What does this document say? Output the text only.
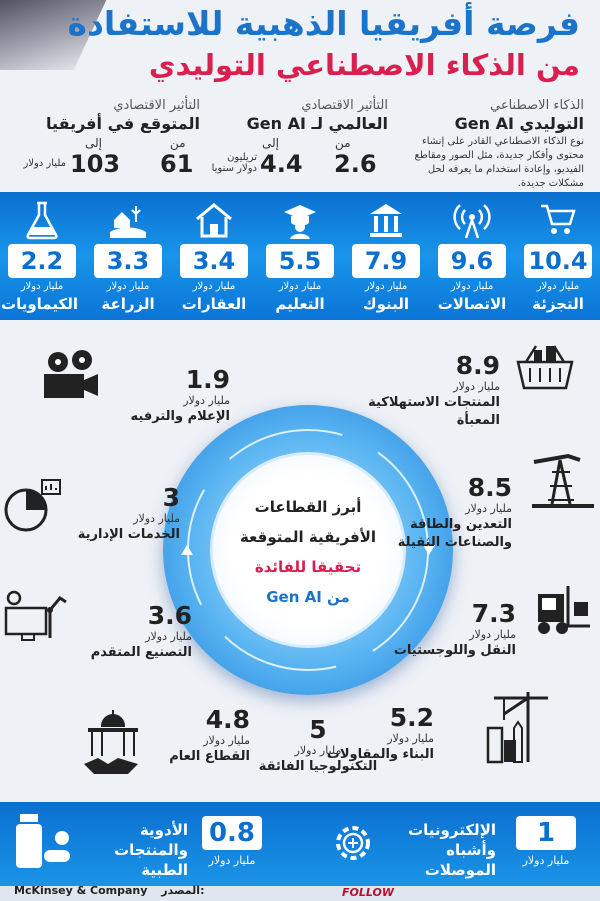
فرصة أفريقيا الذهبية للاستفادة
من الذكاء الاصطناعي التوليدي
الذكاء الاصطناعي
التوليدي Gen AI
نوع الذكاء الاصطناعي القادر على إنشاء محتوى وأفكار جديدة، مثل الصور ومقاطع الفيديو، وإعادة استخدام ما يعرفه لحل مشكلات جديدة.
التأثير الاقتصادي
العالمي لـ Gen AI
من
إلى
2.6
4.4
تريليون دولار سنويا
التأثير الاقتصادي
المتوقع في أفريقيا
من
إلى
61
103
مليار دولار
10.4
مليار دولار
التجزئة
9.6
مليار دولار
الاتصالات
7.9
مليار دولار
البنوك
5.5
مليار دولار
التعليم
3.4
مليار دولار
العقارات
3.3
مليار دولار
الزراعة
2.2
مليار دولار
الكيماويات
أبرز القطاعات
الأفريقية المتوقعة
تحقيقا للفائدة
من Gen AI
8.9
مليار دولار
المنتجات الاستهلاكية
المعبأة
8.5
مليار دولار
التعدين والطاقة
والصناعات الثقيلة
7.3
مليار دولار
النقل واللوجستيات
5.2
مليار دولار
البناء والمقاولات
5
مليار دولار
التكنولوجيا الفائقة
1.9
مليار دولار
الإعلام والترفيه
3
مليار دولار
الخدمات الإدارية
3.6
مليار دولار
التصنيع المتقدم
4.8
مليار دولار
القطاع العام
1
مليار دولار
الإلكترونيات
وأشباه الموصلات
0.8
مليار دولار
الأدوية
والمنتجات الطبية
McKinsey & Company المصدر:	FOLLOW
